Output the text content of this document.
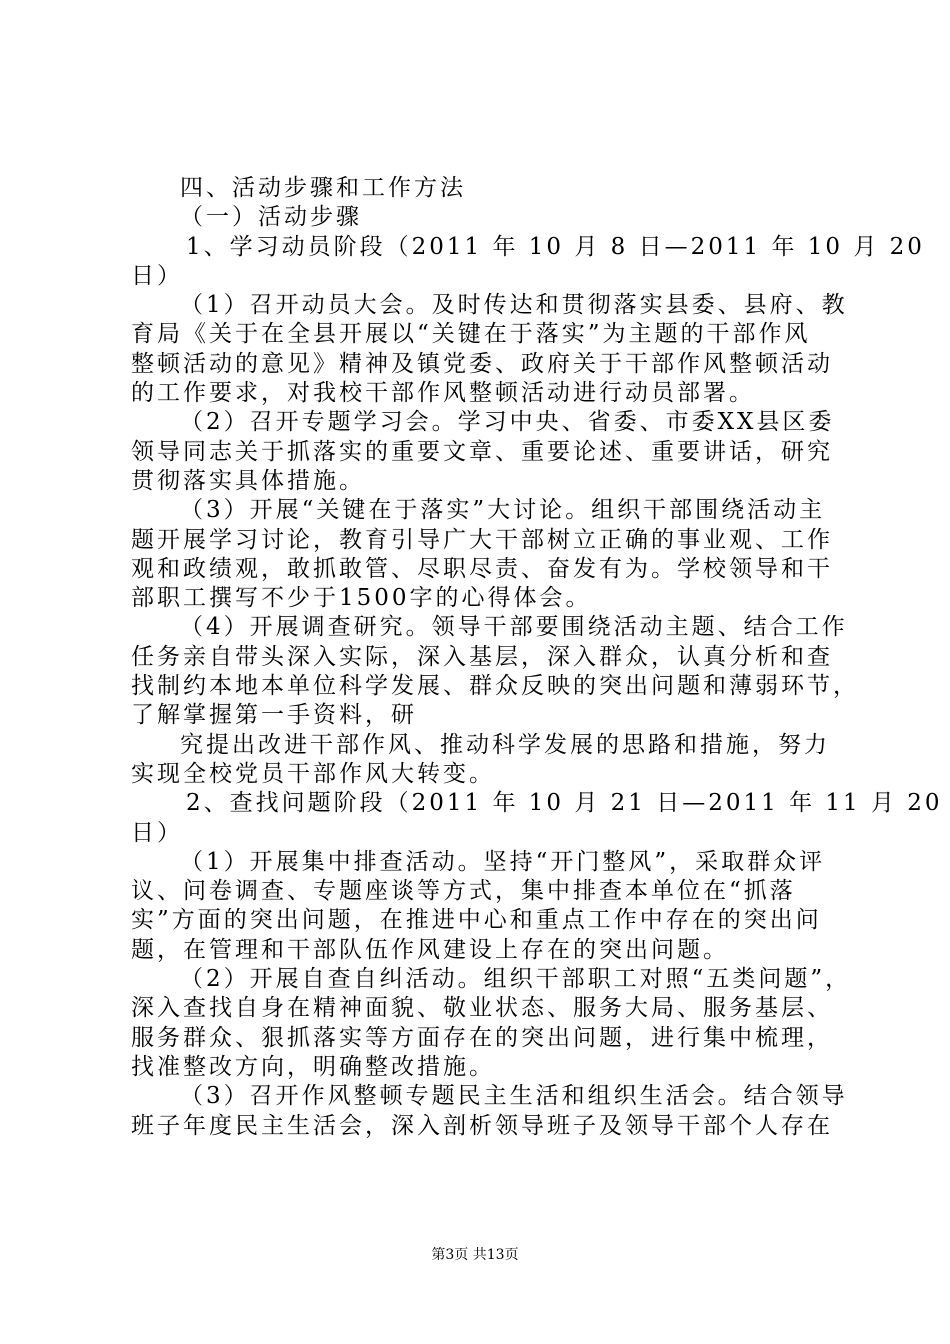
四、活动步骤和工作方法
（一）活动步骤
1、学习动员阶段（2011 年 10 月 8 日—2011 年 10 月 20
日）
（1）召开动员大会。及时传达和贯彻落实县委、县府、教
育局《关于在全县开展以“关键在于落实”为主题的干部作风
整顿活动的意见》精神及镇党委、政府关于干部作风整顿活动
的工作要求，对我校干部作风整顿活动进行动员部署。
（2）召开专题学习会。学习中央、省委、市委XX县区委
领导同志关于抓落实的重要文章、重要论述、重要讲话，研究
贯彻落实具体措施。
（3）开展“关键在于落实”大讨论。组织干部围绕活动主
题开展学习讨论，教育引导广大干部树立正确的事业观、工作
观和政绩观，敢抓敢管、尽职尽责、奋发有为。学校领导和干
部职工撰写不少于1500字的心得体会。
（4）开展调查研究。领导干部要围绕活动主题、结合工作
任务亲自带头深入实际，深入基层，深入群众，认真分析和查
找制约本地本单位科学发展、群众反映的突出问题和薄弱环节，
了解掌握第一手资料，研
究提出改进干部作风、推动科学发展的思路和措施，努力
实现全校党员干部作风大转变。
2、查找问题阶段（2011 年 10 月 21 日—2011 年 11 月 20
日）
（1）开展集中排查活动。坚持“开门整风”，采取群众评
议、问卷调查、专题座谈等方式，集中排查本单位在“抓落
实”方面的突出问题，在推进中心和重点工作中存在的突出问
题，在管理和干部队伍作风建设上存在的突出问题。
（2）开展自查自纠活动。组织干部职工对照“五类问题”，
深入查找自身在精神面貌、敬业状态、服务大局、服务基层、
服务群众、狠抓落实等方面存在的突出问题，进行集中梳理，
找准整改方向，明确整改措施。
（3）召开作风整顿专题民主生活和组织生活会。结合领导
班子年度民主生活会，深入剖析领导班子及领导干部个人存在
第3页 共13页
